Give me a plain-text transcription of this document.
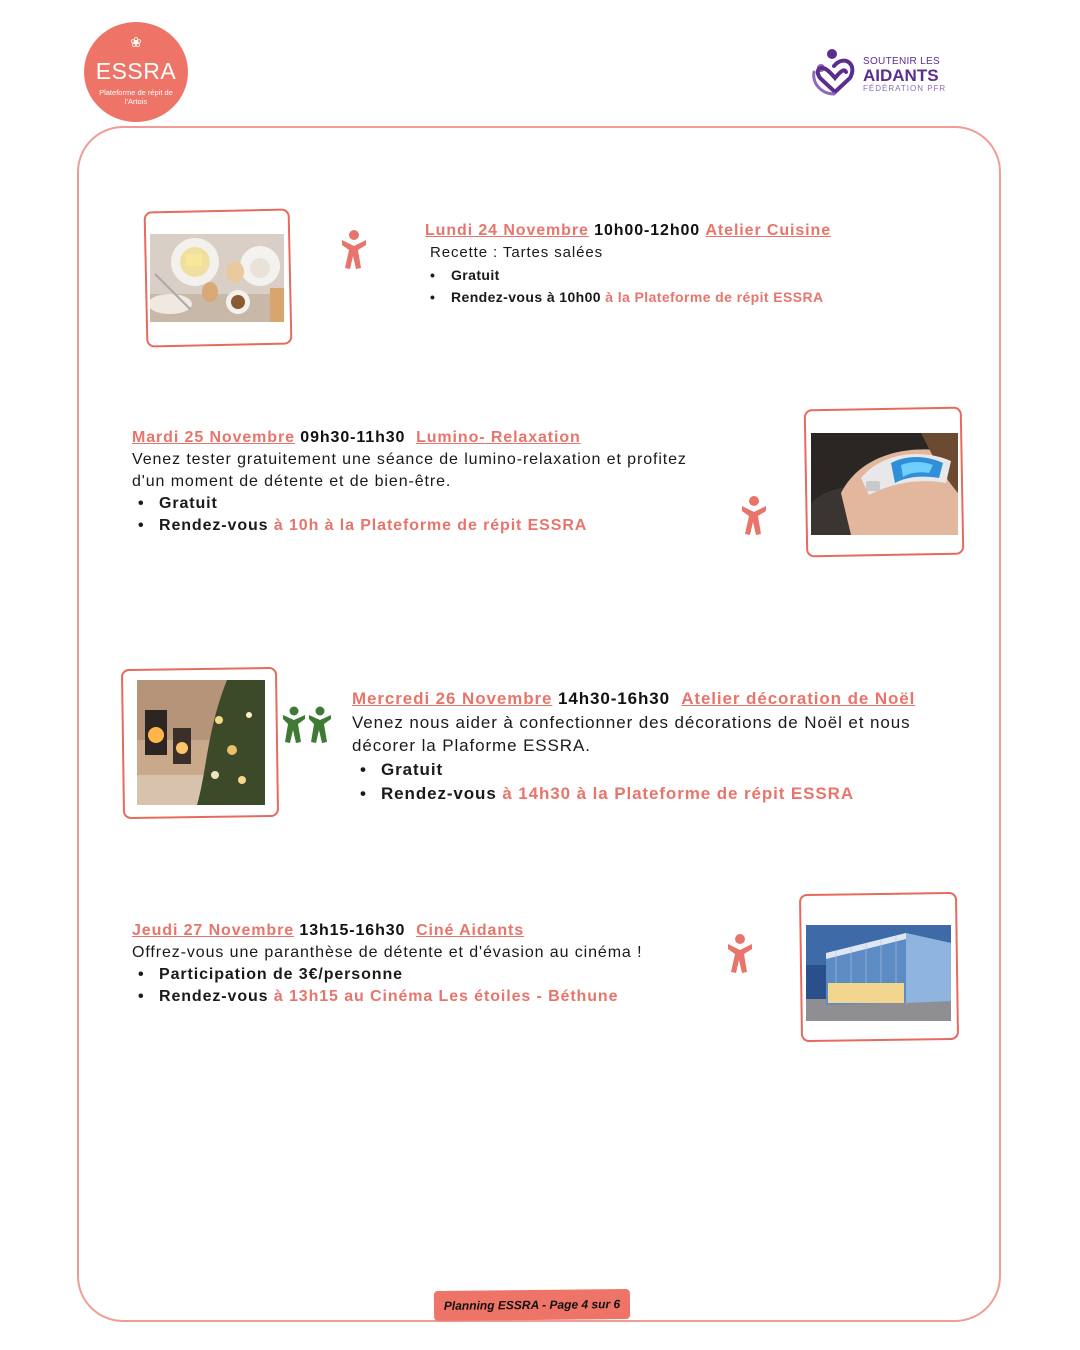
❀
ESSRA
Plateforme de répit de l'Artois
SOUTENIR LES
AIDANTS
FÉDÉRATION PFR
Lundi 24 Novembre 10h00-12h00 Atelier Cuisine
Recette : Tartes salées
• Gratuit
• Rendez-vous à 10h00 à la Plateforme de répit ESSRA
Mardi 25 Novembre 09h30-11h30 Lumino- Relaxation
Venez tester gratuitement une séance de lumino-relaxation et profitez
d'un moment de détente et de bien-être.
• Gratuit
• Rendez-vous à 10h à la Plateforme de répit ESSRA
Mercredi 26 Novembre 14h30-16h30 Atelier décoration de Noël
Venez nous aider à confectionner des décorations de Noël et nous
décorer la Plaforme ESSRA.
• Gratuit
• Rendez-vous à 14h30 à la Plateforme de répit ESSRA
Jeudi 27 Novembre 13h15-16h30 Ciné Aidants
Offrez-vous une paranthèse de détente et d'évasion au cinéma !
• Participation de 3€/personne
• Rendez-vous à 13h15 au Cinéma Les étoiles - Béthune
Planning ESSRA - Page 4 sur 6
